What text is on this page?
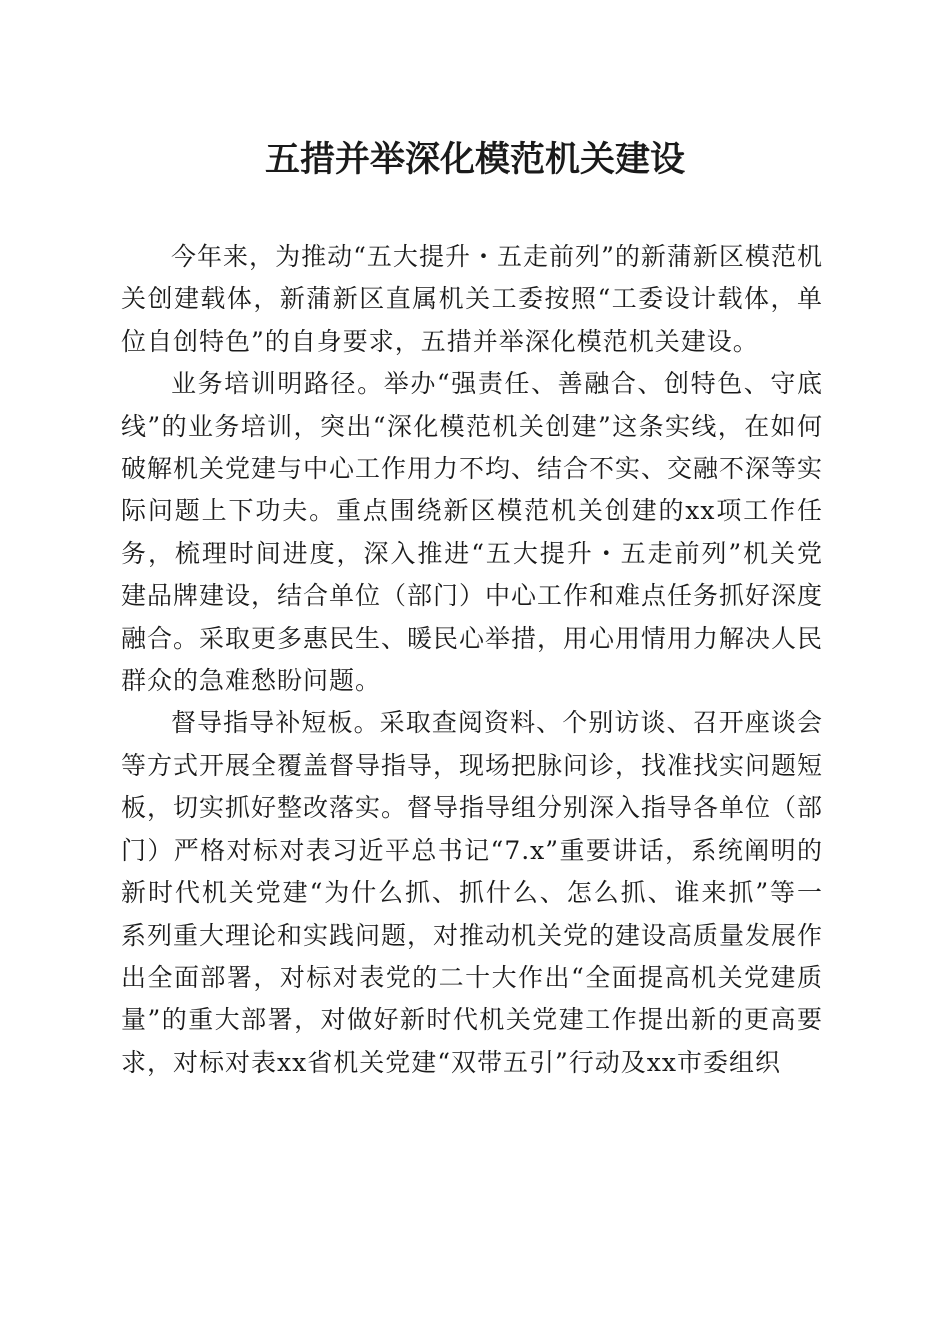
五措并举深化模范机关建设

今年来，为推动“五大提升・五走前列”的新蒲新区模范机关创建载体，新蒲新区直属机关工委按照“工委设计载体，单位自创特色”的自身要求，五措并举深化模范机关建设。

业务培训明路径。举办“强责任、善融合、创特色、守底线”的业务培训，突出“深化模范机关创建”这条实线，在如何破解机关党建与中心工作用力不均、结合不实、交融不深等实际问题上下功夫。重点围绕新区模范机关创建的xx项工作任务，梳理时间进度，深入推进“五大提升・五走前列”机关党建品牌建设，结合单位（部门）中心工作和难点任务抓好深度融合。采取更多惠民生、暖民心举措，用心用情用力解决人民群众的急难愁盼问题。

督导指导补短板。采取查阅资料、个别访谈、召开座谈会等方式开展全覆盖督导指导，现场把脉问诊，找准找实问题短板，切实抓好整改落实。督导指导组分别深入指导各单位（部门）严格对标对表习近平总书记“7.x”重要讲话，系统阐明的新时代机关党建“为什么抓、抓什么、怎么抓、谁来抓”等一系列重大理论和实践问题，对推动机关党的建设高质量发展作出全面部署，对标对表党的二十大作出“全面提高机关党建质量”的重大部署，对做好新时代机关党建工作提出新的更高要求，对标对表xx省机关党建“双带五引”行动及xx市委组织
